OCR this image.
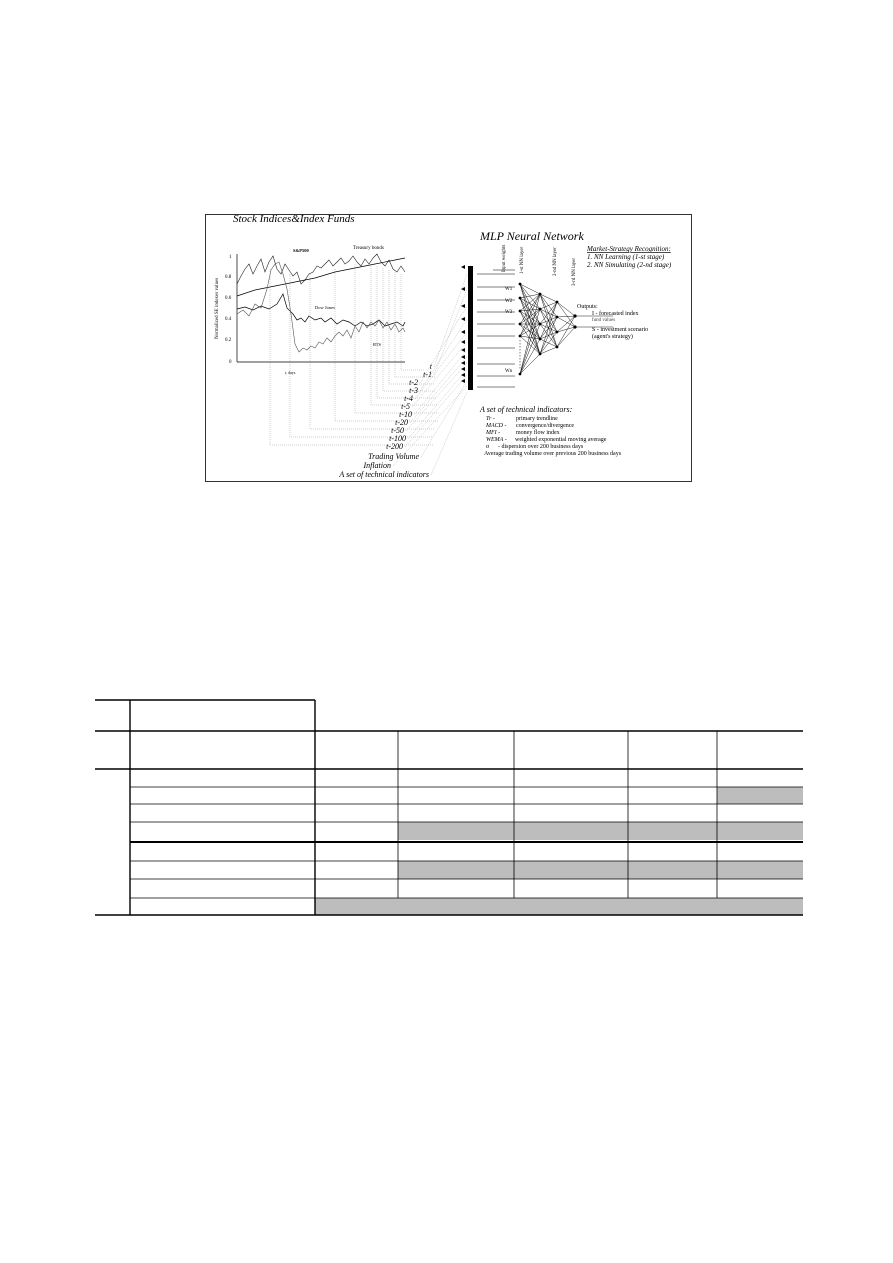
Stock Indices&Index Funds
Normalized SE indexes values
1
0.8
0.6
0.4
0.2
0
t, days
S&P500	Treasury bonds
Dow Jones
RTS
t
t-1
t-2
t-3
t-4
t-5
t-10
t-20
t-50
t-100
t-200
Trading Volume
Inflation
A set of technical indicators
MLP Neural Network
Input weights	1-st NN layer	2-nd NN layer	3-rd NN layer
W1
W2
W3
Wn
Market-Strategy Recognition:
1. NN Learning (1-st stage)
2. NN Simulating (2-nd stage)
Outputs:
I - forecasted index
fund values
S - investment scenario
(agent's strategy)
A set of technical indicators:
Tr -	primary trendline
MACD - convergence/divergence
MFI -	money flow index
WEMA - weighted exponential moving average
σ - dispersion over 200 business days
Average trading volume over previous 200 business days
